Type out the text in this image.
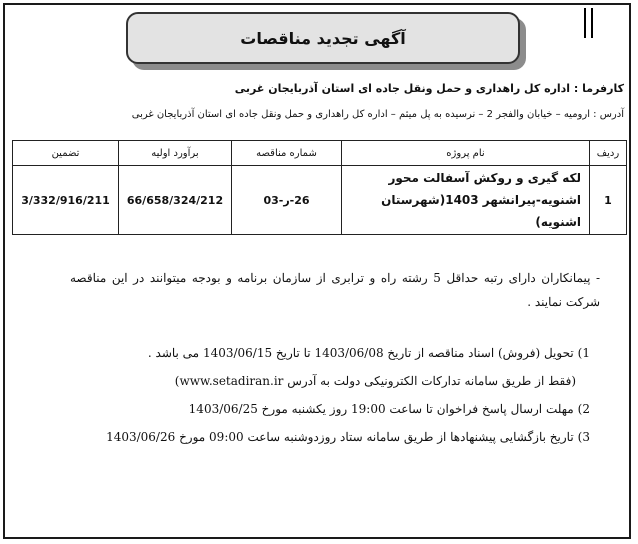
آگهی تجدید مناقصات
کارفرما : اداره کل راهداری و حمل ونقل جاده ای استان آذربایجان غربی
آدرس : ارومیه – خیابان والفجر 2 – نرسیده به پل میثم – اداره کل راهداری و حمل ونقل جاده ای استان آذربایجان غربی
ردیف	نام پروژه	شماره مناقصه	برآورد اولیه	تضمین
1	لکه گیری و روکش آسفالت محور اشنویه-پیرانشهر 1403(شهرستان اشنویه)	26-ر-03	66/658/324/212	3/332/916/211
- پیمانکاران دارای رتبه حداقل 5 رشته راه و ترابری از سازمان برنامه و بودجه میتوانند در این مناقصه شرکت نمایند .
1)تحویل (فروش) اسناد مناقصه از تاریخ 1403/06/08 تا تاریخ 1403/06/15 می باشد .
(فقط از طریق سامانه تدارکات الکترونیکی دولت به آدرس www.setadiran.ir)
2)مهلت ارسال پاسخ فراخوان تا ساعت 19:00 روز یکشنبه مورخ 1403/06/25
3)تاریخ بازگشایی پیشنهادها از طریق سامانه ستاد روزدوشنبه ساعت 09:00 مورخ 1403/06/26
